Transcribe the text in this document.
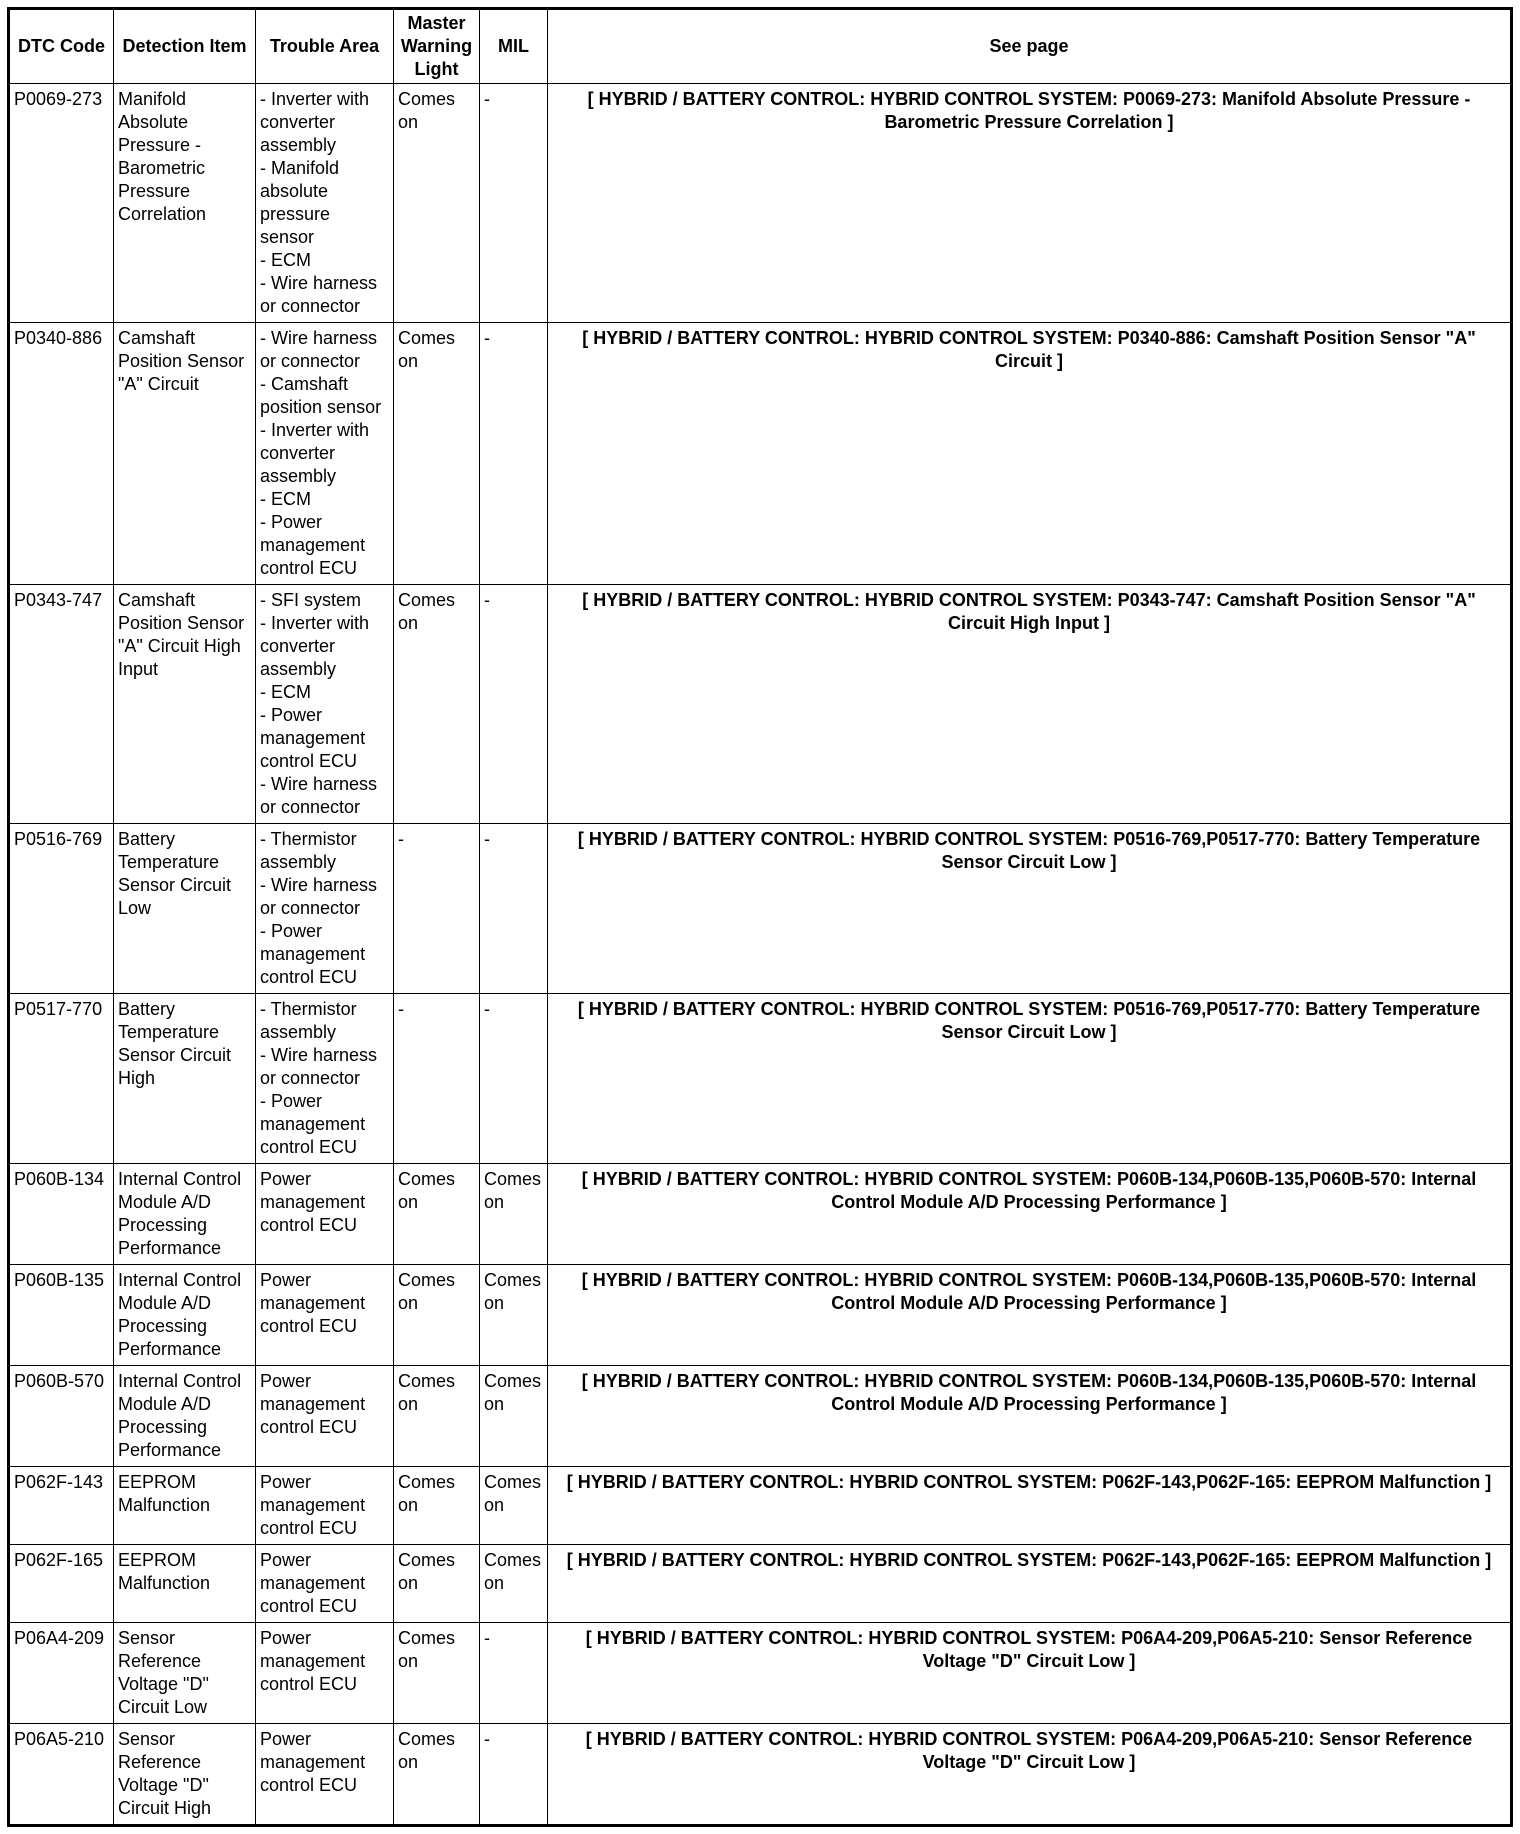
DTC Code	Detection Item	Trouble Area	Master Warning Light	MIL	See page
P0069-273	Manifold Absolute Pressure - Barometric Pressure Correlation	- Inverter with converter assembly
- Manifold absolute pressure sensor
- ECM
- Wire harness or connector	Comes on	-	[ HYBRID / BATTERY CONTROL: HYBRID CONTROL SYSTEM: P0069-273: Manifold Absolute Pressure - Barometric Pressure Correlation ]
P0340-886	Camshaft Position Sensor "A" Circuit	- Wire harness or connector
- Camshaft position sensor
- Inverter with converter assembly
- ECM
- Power management control ECU	Comes on	-	[ HYBRID / BATTERY CONTROL: HYBRID CONTROL SYSTEM: P0340-886: Camshaft Position Sensor "A" Circuit ]
P0343-747	Camshaft Position Sensor "A" Circuit High Input	- SFI system
- Inverter with converter assembly
- ECM
- Power management control ECU
- Wire harness or connector	Comes on	-	[ HYBRID / BATTERY CONTROL: HYBRID CONTROL SYSTEM: P0343-747: Camshaft Position Sensor "A" Circuit High Input ]
P0516-769	Battery Temperature Sensor Circuit Low	- Thermistor assembly
- Wire harness or connector
- Power management control ECU	-	-	[ HYBRID / BATTERY CONTROL: HYBRID CONTROL SYSTEM: P0516-769,P0517-770: Battery Temperature Sensor Circuit Low ]
P0517-770	Battery Temperature Sensor Circuit High	- Thermistor assembly
- Wire harness or connector
- Power management control ECU	-	-	[ HYBRID / BATTERY CONTROL: HYBRID CONTROL SYSTEM: P0516-769,P0517-770: Battery Temperature Sensor Circuit Low ]
P060B-134	Internal Control Module A/D Processing Performance	Power management control ECU	Comes on	Comes on	[ HYBRID / BATTERY CONTROL: HYBRID CONTROL SYSTEM: P060B-134,P060B-135,P060B-570: Internal Control Module A/D Processing Performance ]
P060B-135	Internal Control Module A/D Processing Performance	Power management control ECU	Comes on	Comes on	[ HYBRID / BATTERY CONTROL: HYBRID CONTROL SYSTEM: P060B-134,P060B-135,P060B-570: Internal Control Module A/D Processing Performance ]
P060B-570	Internal Control Module A/D Processing Performance	Power management control ECU	Comes on	Comes on	[ HYBRID / BATTERY CONTROL: HYBRID CONTROL SYSTEM: P060B-134,P060B-135,P060B-570: Internal Control Module A/D Processing Performance ]
P062F-143	EEPROM Malfunction	Power management control ECU	Comes on	Comes on	[ HYBRID / BATTERY CONTROL: HYBRID CONTROL SYSTEM: P062F-143,P062F-165: EEPROM Malfunction ]
P062F-165	EEPROM Malfunction	Power management control ECU	Comes on	Comes on	[ HYBRID / BATTERY CONTROL: HYBRID CONTROL SYSTEM: P062F-143,P062F-165: EEPROM Malfunction ]
P06A4-209	Sensor Reference Voltage "D" Circuit Low	Power management control ECU	Comes on	-	[ HYBRID / BATTERY CONTROL: HYBRID CONTROL SYSTEM: P06A4-209,P06A5-210: Sensor Reference Voltage "D" Circuit Low ]
P06A5-210	Sensor Reference Voltage "D" Circuit High	Power management control ECU	Comes on	-	[ HYBRID / BATTERY CONTROL: HYBRID CONTROL SYSTEM: P06A4-209,P06A5-210: Sensor Reference Voltage "D" Circuit Low ]
